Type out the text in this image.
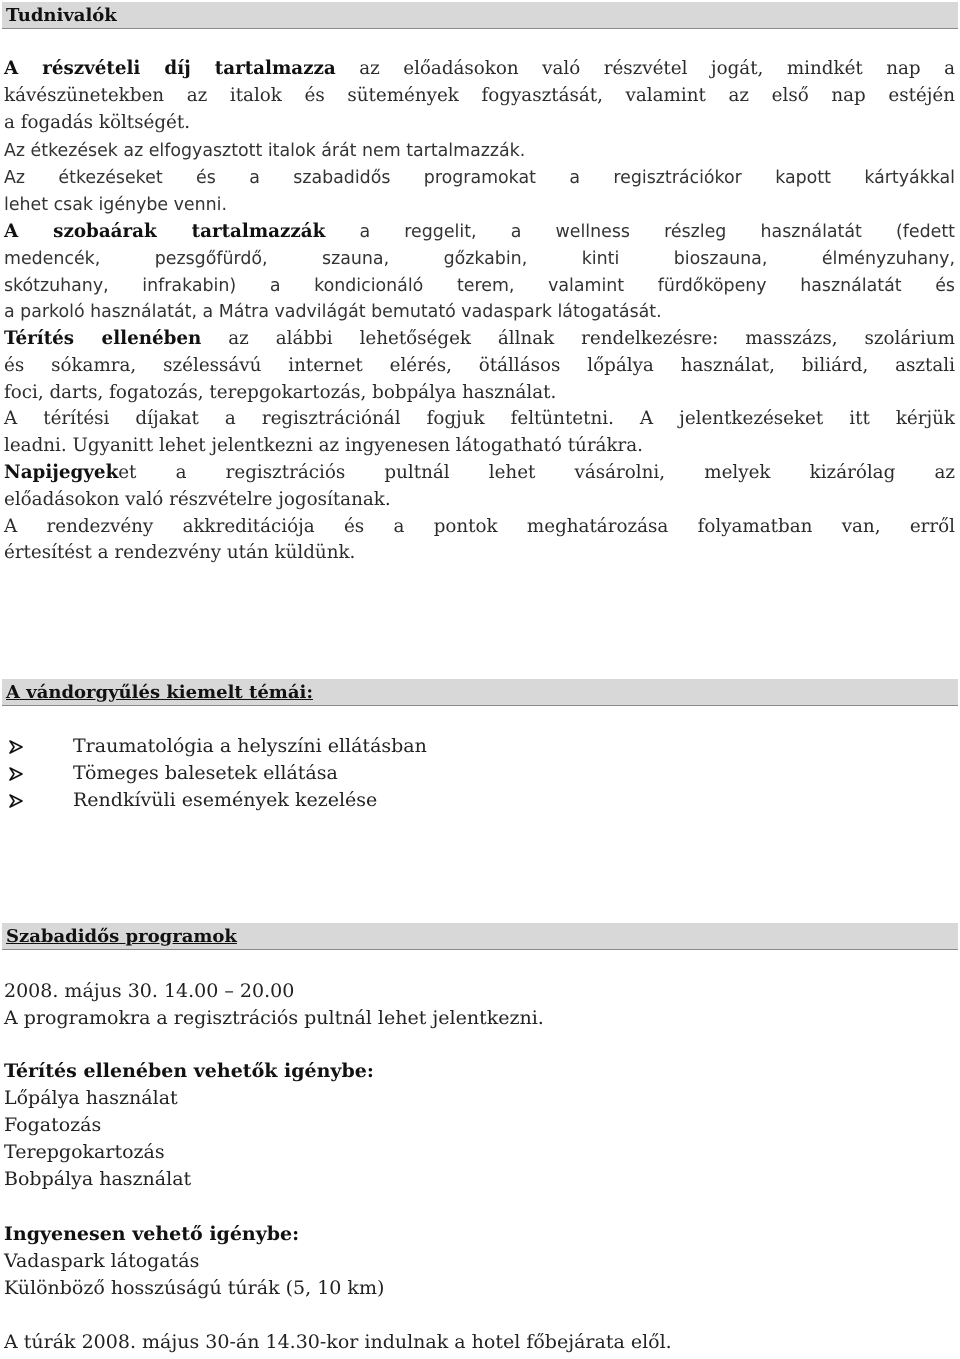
Tudnivalók
A részvételi díj tartalmazza az előadásokon való részvétel jogát, mindkét nap a
kávészünetekben az italok és sütemények fogyasztását, valamint az első nap estéjén
a fogadás költségét.
Az étkezések az elfogyasztott italok árát nem tartalmazzák.
Az étkezéseket és a szabadidős programokat a regisztrációkor kapott kártyákkal
lehet csak igénybe venni.
A szobaárak tartalmazzák a reggelit, a wellness részleg használatát (fedett
medencék, pezsgőfürdő, szauna, gőzkabin, kinti bioszauna, élményzuhany,
skótzuhany, infrakabin) a kondicionáló terem, valamint fürdőköpeny használatát és
a parkoló használatát, a Mátra vadvilágát bemutató vadaspark látogatását.
Térítés ellenében az alábbi lehetőségek állnak rendelkezésre: masszázs, szolárium
és sókamra, szélessávú internet elérés, ötállásos lőpálya használat, biliárd, asztali
foci, darts, fogatozás, terepgokartozás, bobpálya használat.
A térítési díjakat a regisztrációnál fogjuk feltüntetni. A jelentkezéseket itt kérjük
leadni. Ugyanitt lehet jelentkezni az ingyenesen látogatható túrákra.
Napijegyeket a regisztrációs pultnál lehet vásárolni, melyek kizárólag az
előadásokon való részvételre jogosítanak.
A rendezvény akkreditációja és a pontok meghatározása folyamatban van, erről
értesítést a rendezvény után küldünk.
A vándorgyűlés kiemelt témái:
Traumatológia a helyszíni ellátásban
Tömeges balesetek ellátása
Rendkívüli események kezelése
Szabadidős programok
2008. május 30. 14.00 – 20.00
A programokra a regisztrációs pultnál lehet jelentkezni.
Térítés ellenében vehetők igénybe:
Lőpálya használat
Fogatozás
Terepgokartozás
Bobpálya használat
Ingyenesen vehető igénybe:
Vadaspark látogatás
Különböző hosszúságú túrák (5, 10 km)
A túrák 2008. május 30-án 14.30-kor indulnak a hotel főbejárata elől.
